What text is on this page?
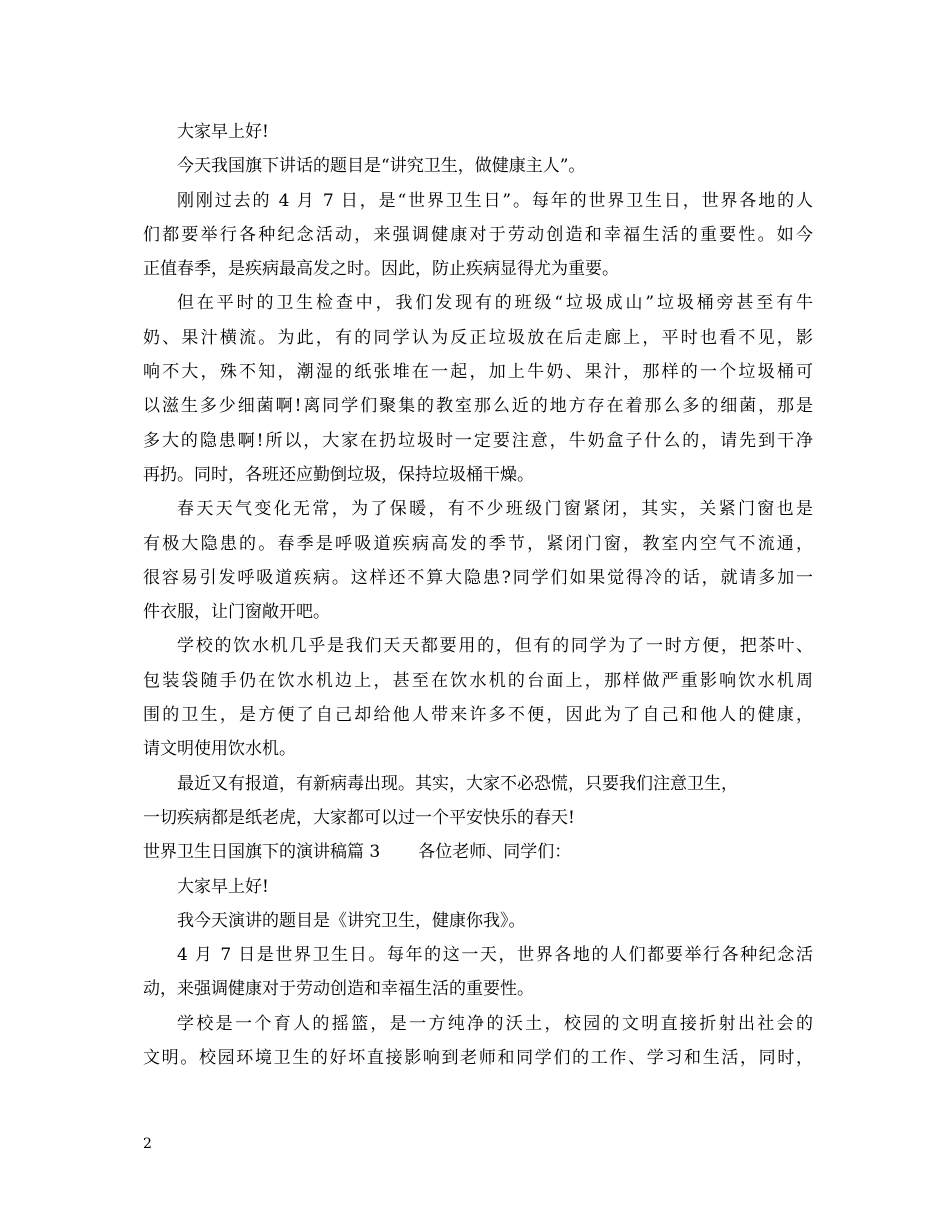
大家早上好!
今天我国旗下讲话的题目是“讲究卫生，做健康主人”。
刚刚过去的 4 月 7 日，是“世界卫生日”。每年的世界卫生日，世界各地的人
们都要举行各种纪念活动，来强调健康对于劳动创造和幸福生活的重要性。如今
正值春季，是疾病最高发之时。因此，防止疾病显得尤为重要。
但在平时的卫生检查中，我们发现有的班级“垃圾成山”垃圾桶旁甚至有牛
奶、果汁横流。为此，有的同学认为反正垃圾放在后走廊上，平时也看不见，影
响不大，殊不知，潮湿的纸张堆在一起，加上牛奶、果汁，那样的一个垃圾桶可
以滋生多少细菌啊!离同学们聚集的教室那么近的地方存在着那么多的细菌，那是
多大的隐患啊!所以，大家在扔垃圾时一定要注意，牛奶盒子什么的，请先到干净
再扔。同时，各班还应勤倒垃圾，保持垃圾桶干燥。
春天天气变化无常，为了保暖，有不少班级门窗紧闭，其实，关紧门窗也是
有极大隐患的。春季是呼吸道疾病高发的季节，紧闭门窗，教室内空气不流通，
很容易引发呼吸道疾病。这样还不算大隐患?同学们如果觉得冷的话，就请多加一
件衣服，让门窗敞开吧。
学校的饮水机几乎是我们天天都要用的，但有的同学为了一时方便，把茶叶、
包装袋随手仍在饮水机边上，甚至在饮水机的台面上，那样做严重影响饮水机周
围的卫生，是方便了自己却给他人带来许多不便，因此为了自己和他人的健康，
请文明使用饮水机。
最近又有报道，有新病毒出现。其实，大家不必恐慌，只要我们注意卫生，
一切疾病都是纸老虎，大家都可以过一个平安快乐的春天!
世界卫生日国旗下的演讲稿篇 3 各位老师、同学们：
大家早上好!
我今天演讲的题目是《讲究卫生，健康你我》。
4 月 7 日是世界卫生日。每年的这一天，世界各地的人们都要举行各种纪念活
动，来强调健康对于劳动创造和幸福生活的重要性。
学校是一个育人的摇篮，是一方纯净的沃土，校园的文明直接折射出社会的
文明。校园环境卫生的好坏直接影响到老师和同学们的工作、学习和生活，同时，
2
